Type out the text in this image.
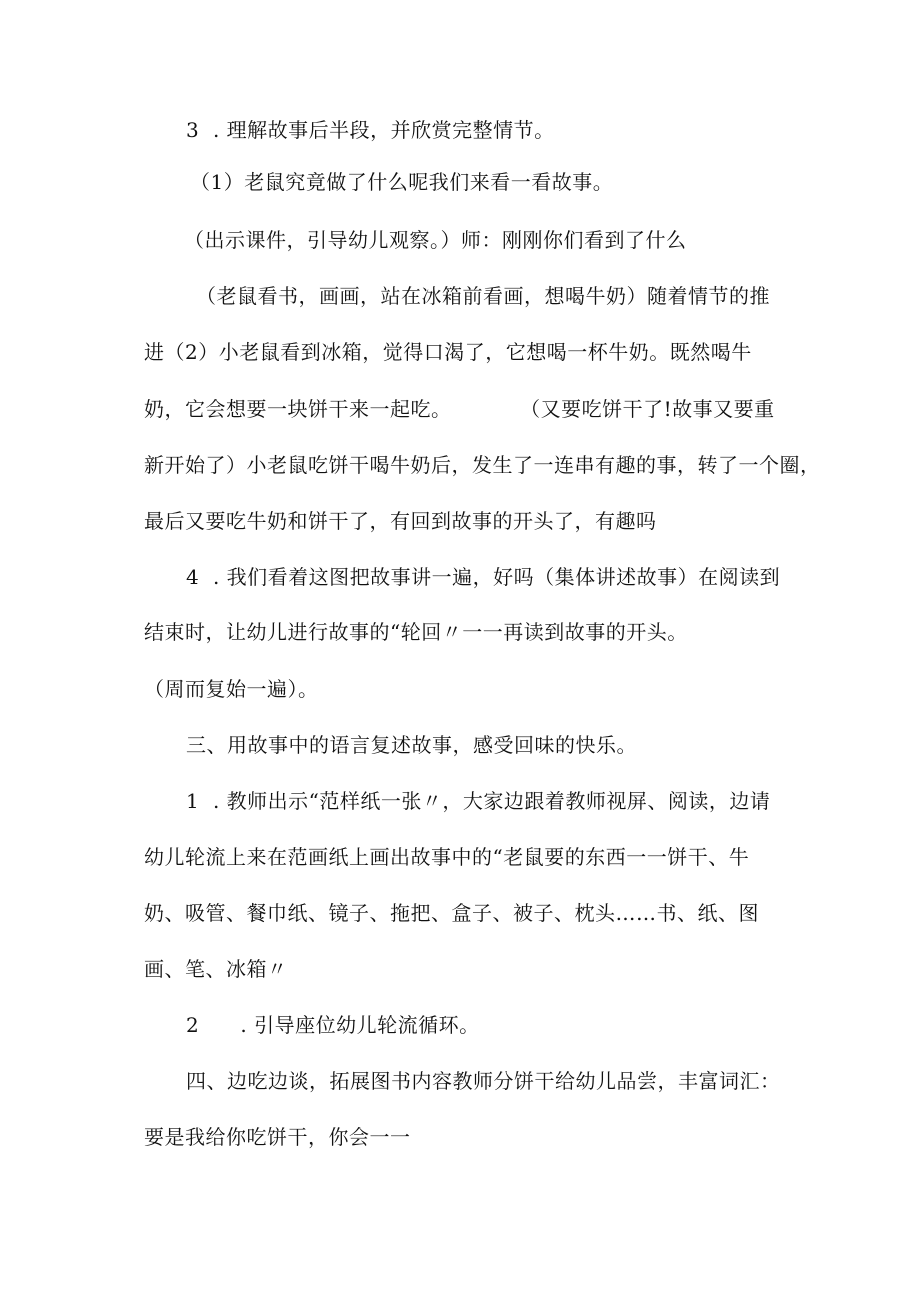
3  . 理解故事后半段，并欣赏完整情节。
（1）老鼠究竟做了什么呢我们来看一看故事。
（出示课件，引导幼儿观察。）师：刚刚你们看到了什么
（老鼠看书，画画，站在冰箱前看画，想喝牛奶）随着情节的推
进（2）小老鼠看到冰箱，觉得口渴了，它想喝一杯牛奶。既然喝牛
奶，它会想要一块饼干来一起吃。          （又要吃饼干了!故事又要重
新开始了）小老鼠吃饼干喝牛奶后，发生了一连串有趣的事，转了一个圈，
最后又要吃牛奶和饼干了，有回到故事的开头了，有趣吗
4  . 我们看着这图把故事讲一遍，好吗（集体讲述故事）在阅读到
结束时，让幼儿进行故事的“轮回〃一一再读到故事的开头。
（周而复始一遍）。
三、用故事中的语言复述故事，感受回味的快乐。
1  . 教师出示“范样纸一张〃，大家边跟着教师视屏、阅读，边请
幼儿轮流上来在范画纸上画出故事中的“老鼠要的东西一一饼干、牛
奶、吸管、餐巾纸、镜子、拖把、盒子、被子、枕头……书、纸、图
画、笔、冰箱〃
2      . 引导座位幼儿轮流循环。
四、边吃边谈，拓展图书内容教师分饼干给幼儿品尝，丰富词汇：
要是我给你吃饼干，你会一一
